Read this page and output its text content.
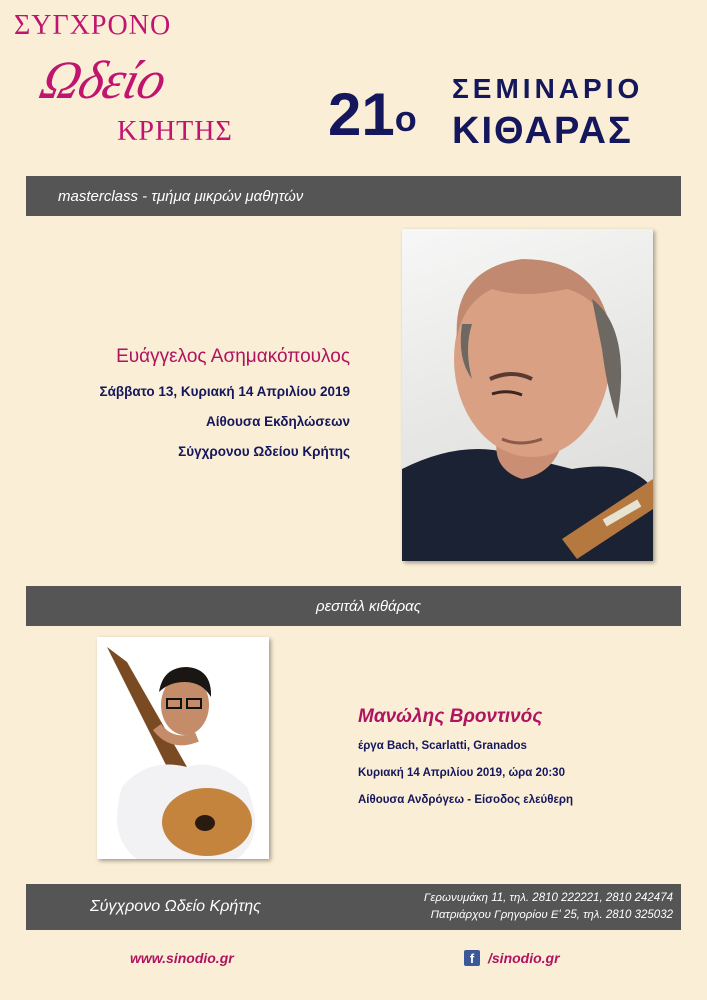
ΣΥΓΧΡΟΝΟ
Ωδείο
ΚΡΗΤΗΣ $21^o$
ΣΕΜΙΝΑΡΙΟ
ΚΙΘΑΡΑΣ
masterclass - τμήμα μικρών μαθητών
Ευάγγελος Ασημακόπουλος
Σάββατο 13, Κυριακή 14 Απριλίου 2019
Αίθουσα Εκδηλώσεων
Σύγχρονου Ωδείου Κρήτης
ρεσιτάλ κιθάρας
Μανώλης Βροντινός
έργα Bach, Scarlatti, Granados
Κυριακή 14 Απριλίου 2019, ώρα 20:30
Αίθουσα Ανδρόγεω - Είσοδος ελεύθερη
Σύγχρονο Ωδείο Κρήτης	Γερωνυμάκη 11, τηλ. 2810 222221, 2810 242474
Πατριάρχου Γρηγορίου Ε' 25, τηλ. 2810 325032
www.sinodio.gr	f /sinodio.gr
